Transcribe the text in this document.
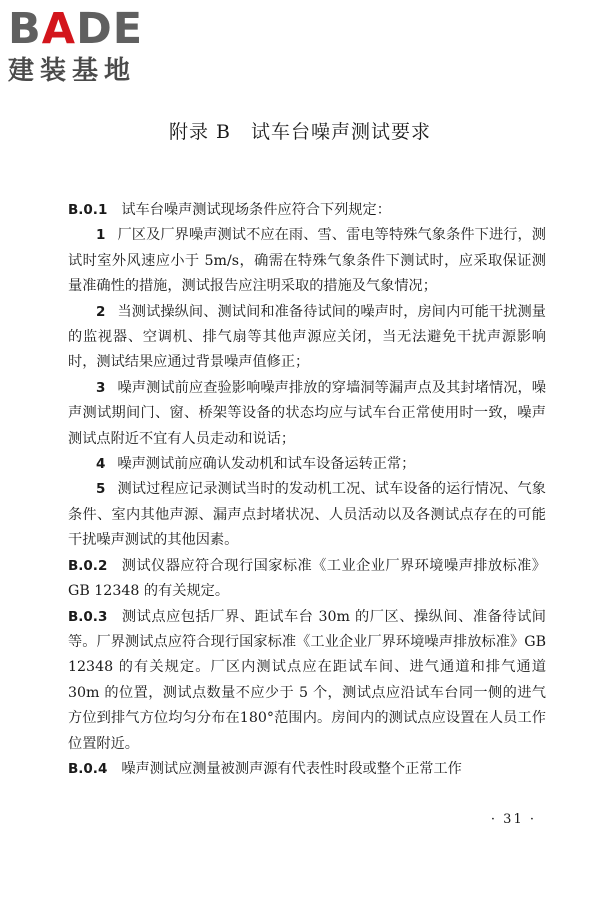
BADE
建装基地
附录 B　试车台噪声测试要求

B.0.1 试车台噪声测试现场条件应符合下列规定：

1 厂区及厂界噪声测试不应在雨、雪、雷电等特殊气象条件下进行，测试时室外风速应小于 5m/s，确需在特殊气象条件下测试时，应采取保证测量准确性的措施，测试报告应注明采取的措施及气象情况；

2 当测试操纵间、测试间和准备待试间的噪声时，房间内可能干扰测量的监视器、空调机、排气扇等其他声源应关闭，当无法避免干扰声源影响时，测试结果应通过背景噪声值修正；

3 噪声测试前应查验影响噪声排放的穿墙洞等漏声点及其封堵情况，噪声测试期间门、窗、桥架等设备的状态均应与试车台正常使用时一致，噪声测试点附近不宜有人员走动和说话；

4 噪声测试前应确认发动机和试车设备运转正常；

5 测试过程应记录测试当时的发动机工况、试车设备的运行情况、气象条件、室内其他声源、漏声点封堵状况、人员活动以及各测试点存在的可能干扰噪声测试的其他因素。

B.0.2 测试仪器应符合现行国家标准《工业企业厂界环境噪声排放标准》GB 12348 的有关规定。

B.0.3 测试点应包括厂界、距试车台 30m 的厂区、操纵间、准备待试间等。厂界测试点应符合现行国家标准《工业企业厂界环境噪声排放标准》GB 12348 的有关规定。厂区内测试点应在距试车间、进气通道和排气通道 30m 的位置，测试点数量不应少于 5 个，测试点应沿试车台同一侧的进气方位到排气方位均匀分布在180°范围内。房间内的测试点应设置在人员工作位置附近。

B.0.4 噪声测试应测量被测声源有代表性时段或整个正常工作

· 31 ·
